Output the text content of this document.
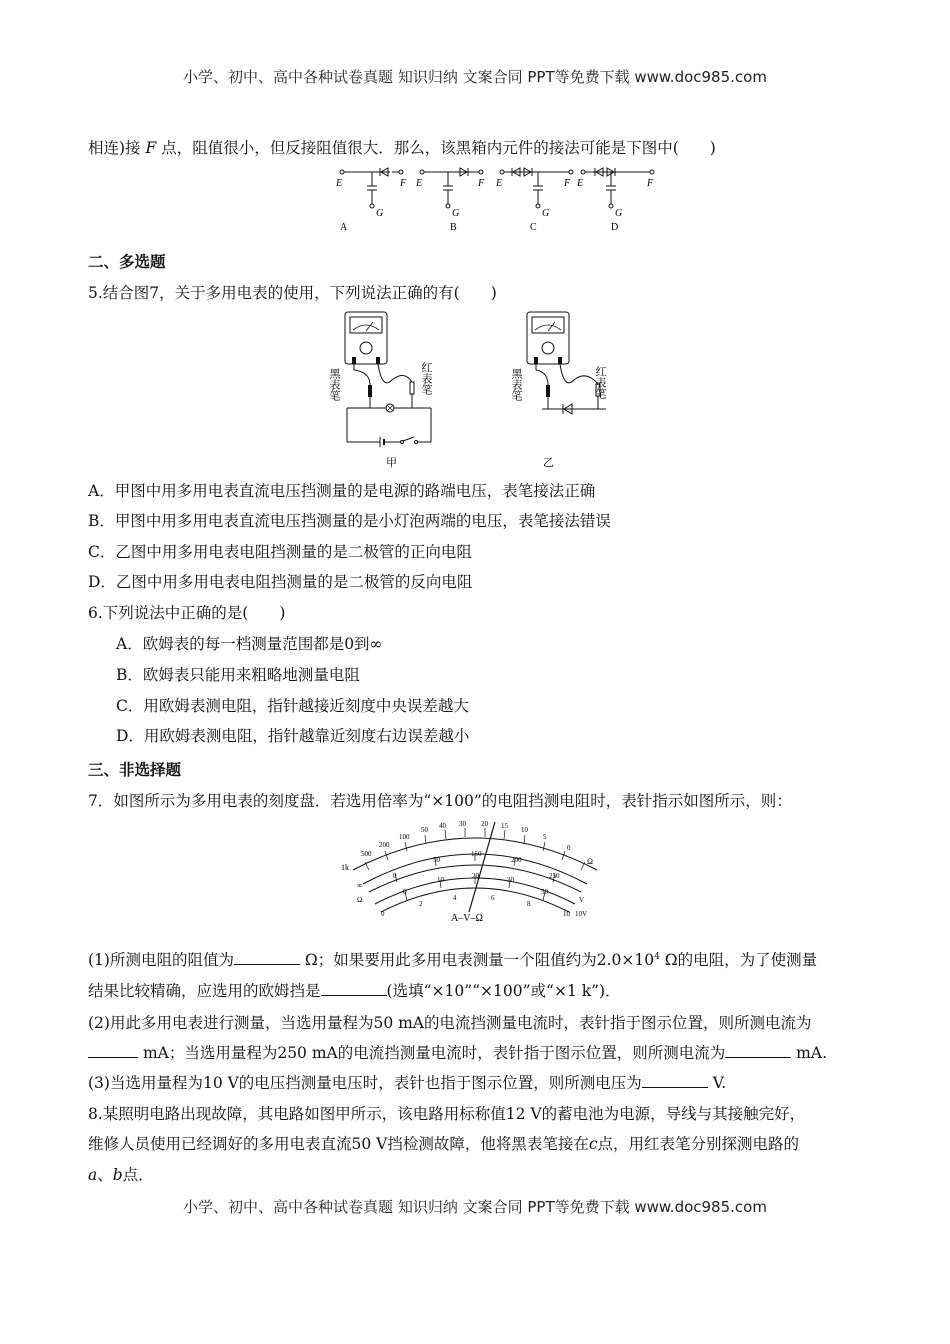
小学、初中、高中各种试卷真题 知识归纳 文案合同 PPT等免费下载 www.doc985.com
相连)接 F 点，阻值很小，但反接阻值很大．那么，该黑箱内元件的接法可能是下图中(　　)
E	F
G
A
E	F
G
B
E	F
G
C
E	F
G
D
二、多选题
5.结合图7，关于多用电表的使用，下列说法正确的有(　　)
黑表笔	红表笔
甲
黑表笔	红表笔
乙
A．甲图中用多用电表直流电压挡测量的是电源的路端电压，表笔接法正确
B．甲图中用多用电表直流电压挡测量的是小灯泡两端的电压，表笔接法错误
C．乙图中用多用电表电阻挡测量的是二极管的正向电阻
D．乙图中用多用电表电阻挡测量的是二极管的反向电阻
6.下列说法中正确的是(　　)
A．欧姆表的每一档测量范围都是0到∞
B．欧姆表只能用来粗略地测量电阻
C．用欧姆表测电阻，指针越接近刻度中央误差越大
D．用欧姆表测电阻，指针越靠近刻度右边误差越小
三、非选择题
7．如图所示为多用电表的刻度盘．若选用倍率为“×100”的电阻挡测电阻时，表针指示如图所示，则：
1k
500
200
100
50 40 30 20 15 10
5
0
Ω
0
50
150
200
250
0
10	20	30
50
0
2
4	6
8
10
∞
Ω	V
10V
A–V–Ω
(1)所测电阻的阻值为	Ω；如果要用此多用电表测量一个阻值约为$2.0\times 10^4$ Ω的电阻，为了使测量
结果比较精确，应选用的欧姆挡是	(选填“×10”“×100”或“×1 k”)．
(2)用此多用电表进行测量，当选用量程为50 mA的电流挡测量电流时，表针指于图示位置，则所测电流为
mA；当选用量程为250 mA的电流挡测量电流时，表针指于图示位置，则所测电流为	mA.
(3)当选用量程为10 V的电压挡测量电压时，表针也指于图示位置，则所测电压为	V.
8.某照明电路出现故障，其电路如图甲所示，该电路用标称值12 V的蓄电池为电源，导线与其接触完好，
维修人员使用已经调好的多用电表直流50 V挡检测故障，他将黑表笔接在c点，用红表笔分别探测电路的
a、b点．
小学、初中、高中各种试卷真题 知识归纳 文案合同 PPT等免费下载 www.doc985.com
